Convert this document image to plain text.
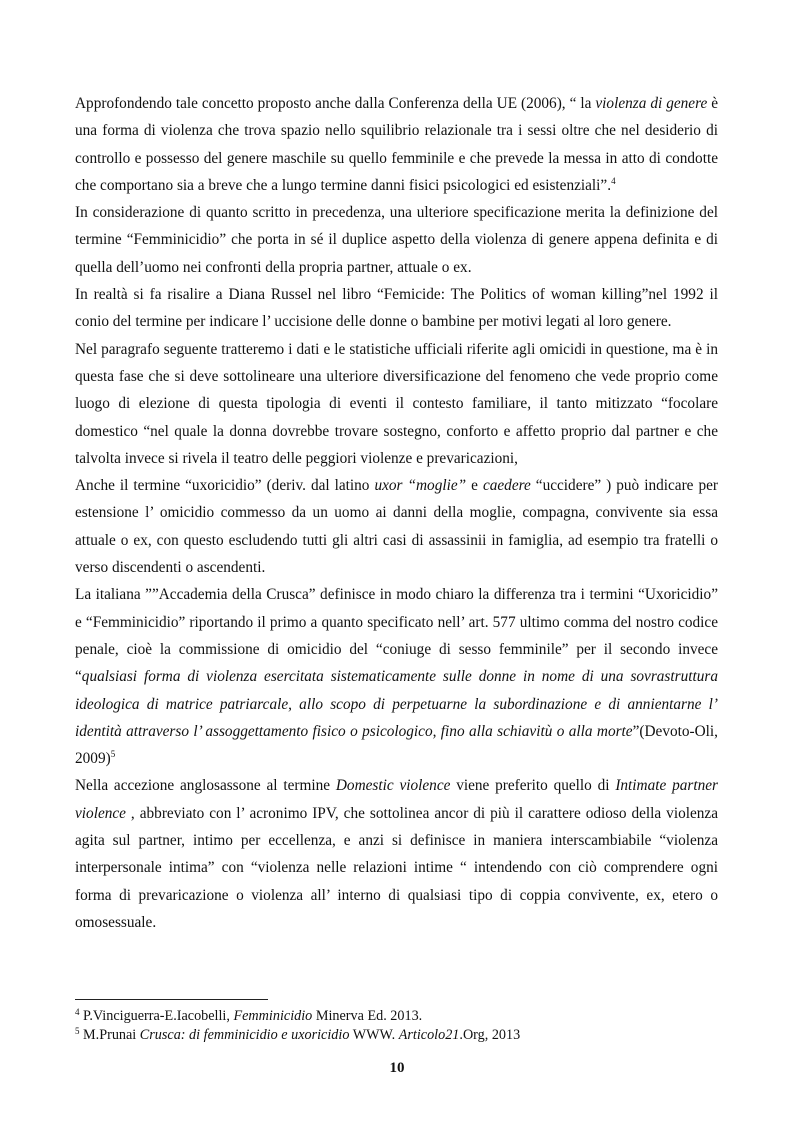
Approfondendo tale concetto proposto anche dalla Conferenza della UE (2006), “ la violenza di genere è una forma di violenza che trova spazio nello squilibrio relazionale tra i sessi oltre che nel desiderio di controllo e possesso del genere maschile su quello femminile e che prevede la messa in atto di condotte che comportano sia a breve che a lungo termine danni fisici psicologici ed esistenziali”.$^4$

In considerazione di quanto scritto in precedenza, una ulteriore specificazione merita la definizione del termine “Femminicidio” che porta in sé il duplice aspetto della violenza di genere appena definita e di quella dell’uomo nei confronti della propria partner, attuale o ex.

In realtà si fa risalire a Diana Russel nel libro “Femicide: The Politics of woman killing”nel 1992 il conio del termine per indicare l’ uccisione delle donne o bambine per motivi legati al loro genere.

Nel paragrafo seguente tratteremo i dati e le statistiche ufficiali riferite agli omicidi in questione, ma è in questa fase che si deve sottolineare una ulteriore diversificazione del fenomeno che vede proprio come luogo di elezione di questa tipologia di eventi il contesto familiare, il tanto mitizzato “focolare domestico “nel quale la donna dovrebbe trovare sostegno, conforto e affetto proprio dal partner e che talvolta invece si rivela il teatro delle peggiori violenze e prevaricazioni,

Anche il termine “uxoricidio” (deriv. dal latino uxor “moglie” e caedere “uccidere” ) può indicare per estensione l’ omicidio commesso da un uomo ai danni della moglie, compagna, convivente sia essa attuale o ex, con questo escludendo tutti gli altri casi di assassinii in famiglia, ad esempio tra fratelli o verso discendenti o ascendenti.

La italiana ””Accademia della Crusca” definisce in modo chiaro la differenza tra i termini “Uxoricidio” e “Femminicidio” riportando il primo a quanto specificato nell’ art. 577 ultimo comma del nostro codice penale, cioè la commissione di omicidio del “coniuge di sesso femminile” per il secondo invece “qualsiasi forma di violenza esercitata sistematicamente sulle donne in nome di una sovrastruttura ideologica di matrice patriarcale, allo scopo di perpetuarne la subordinazione e di annientarne l’ identità attraverso l’ assoggettamento fisico o psicologico, fino alla schiavitù o alla morte”(Devoto-Oli, 2009)$^5$

Nella accezione anglosassone al termine Domestic violence viene preferito quello di Intimate partner violence , abbreviato con l’ acronimo IPV, che sottolinea ancor di più il carattere odioso della violenza agita sul partner, intimo per eccellenza, e anzi si definisce in maniera interscambiabile “violenza interpersonale intima” con “violenza nelle relazioni intime “ intendendo con ciò comprendere ogni forma di prevaricazione o violenza all’ interno di qualsiasi tipo di coppia convivente, ex, etero o omosessuale.

$^4$ P.Vinciguerra-E.Iacobelli, Femminicidio Minerva Ed. 2013.

$^5$ M.Prunai Crusca: di femminicidio e uxoricidio WWW. Articolo21.Org, 2013

10
